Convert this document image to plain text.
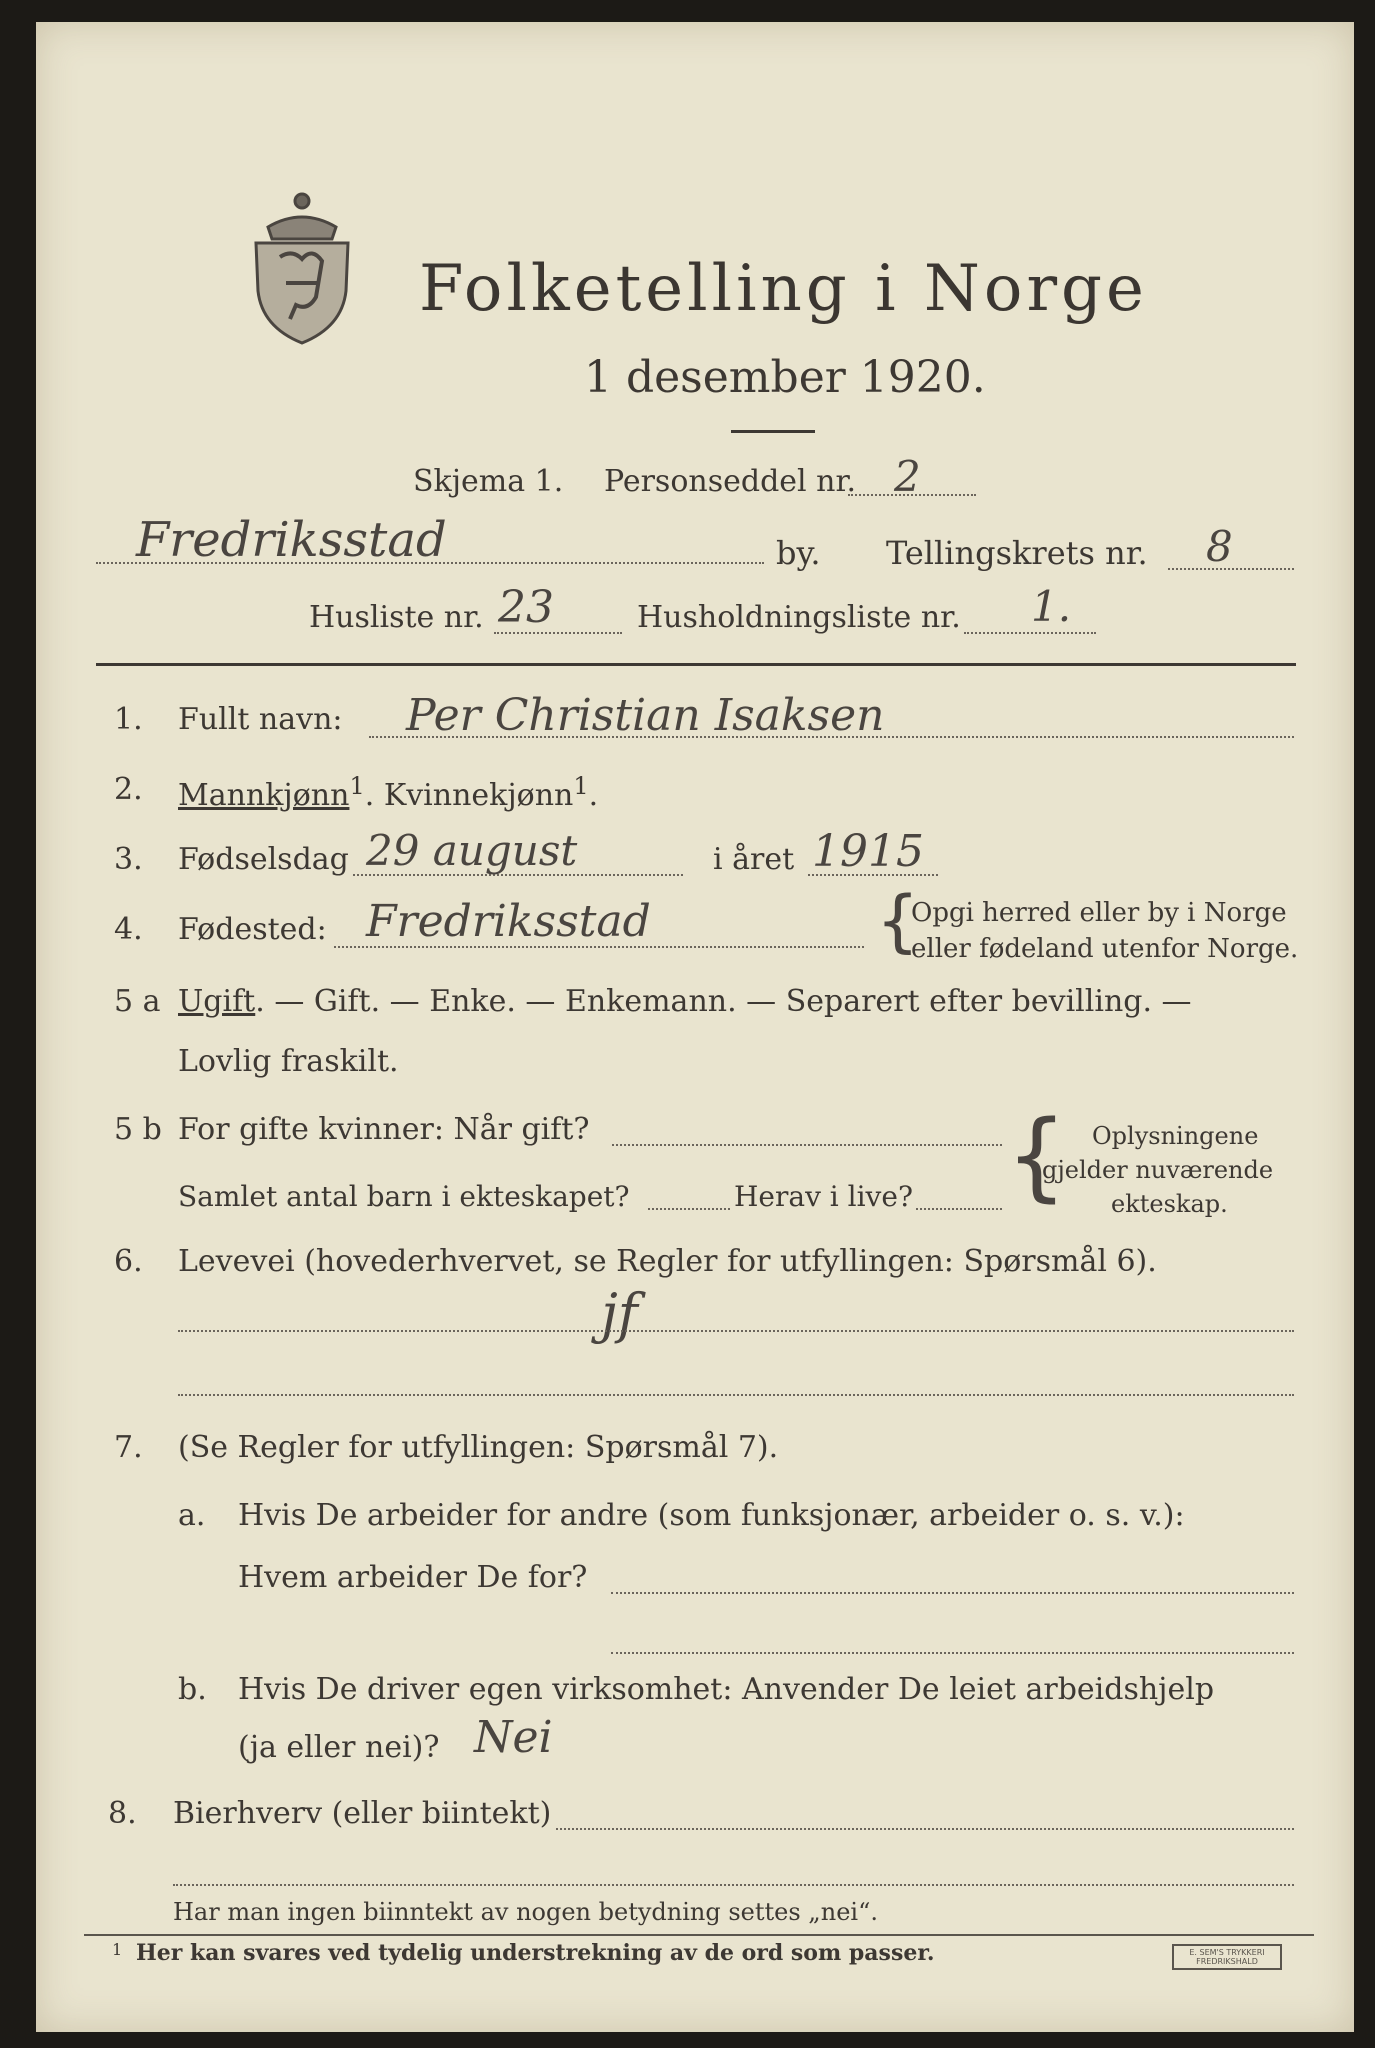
Folketelling i Norge
1 desember 1920.
Skjema 1. Personseddel nr. 2
Fredriksstad	by. Tellingskrets nr. 8
Husliste nr. 23	Husholdningsliste nr. 1.
1. Fullt navn: Per Christian Isaksen
2. Mannkjønn$^1$. Kvinnekjønn$^1$.
3. Fødselsdag 29 august	i året 1915
4. Fødested: Fredriksstad	{
Opgi herred eller by i Norge
eller fødeland utenfor Norge.
5 a Ugift. — Gift. — Enke. — Enkemann. — Separert efter bevilling. —
Lovlig fraskilt.
5 b For gifte kvinner: Når gift?
Samlet antal barn i ekteskapet?	Herav i live? { Oplysningene
gjelder nuværende
ekteskap.
6. Levevei (hovederhvervet, se Regler for utfyllingen: Spørsmål 6).
jf
7. (Se Regler for utfyllingen: Spørsmål 7).
a. Hvis De arbeider for andre (som funksjonær, arbeider o. s. v.):
Hvem arbeider De for?
b. Hvis De driver egen virksomhet: Anvender De leiet arbeidshjelp
(ja eller nei)? Nei
8. Bierhverv (eller biintekt)
Har man ingen biinntekt av nogen betydning settes „nei“.
1 Her kan svares ved tydelig understrekning av de ord som passer.	E. SEM'S TRYKKERI
FREDRIKSHALD
